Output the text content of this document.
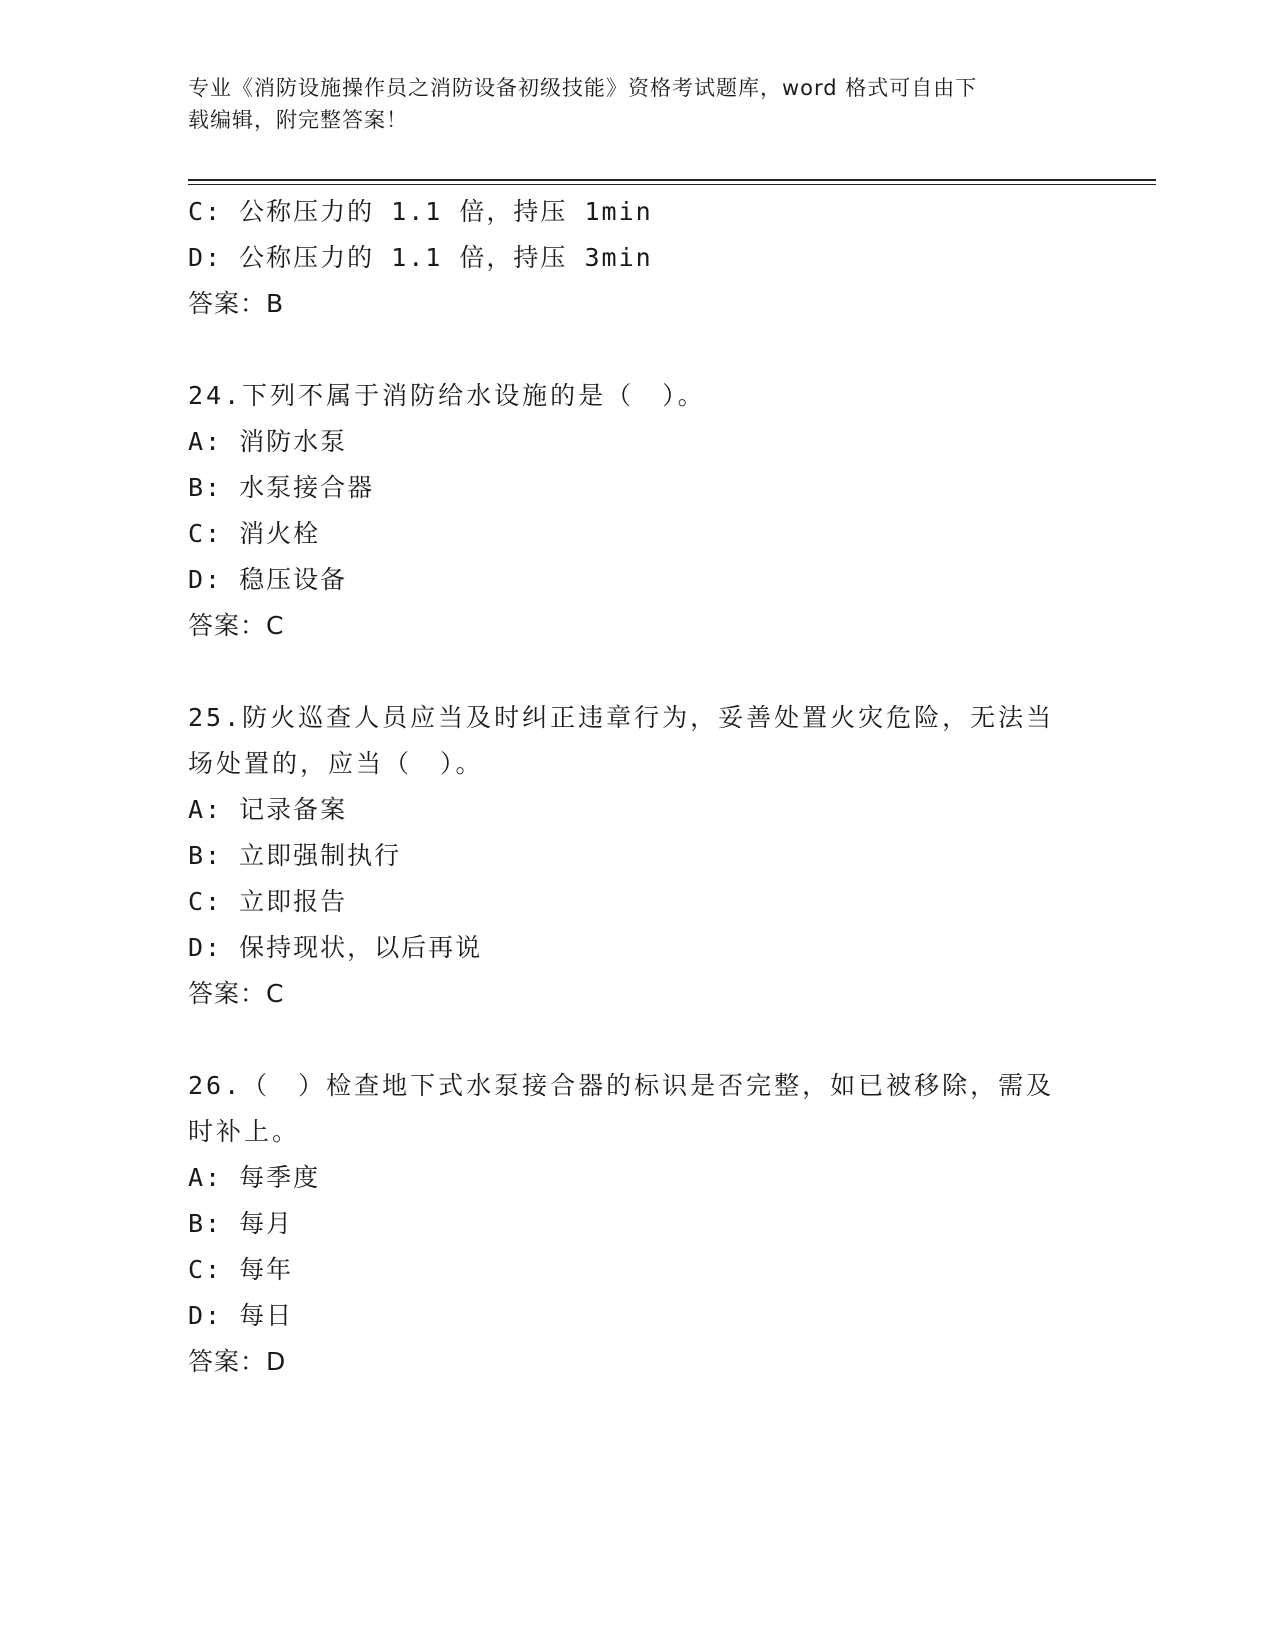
专业《消防设施操作员之消防设备初级技能》资格考试题库，word 格式可自由下
载编辑，附完整答案！
C: 公称压力的 1.1 倍，持压 1min
D: 公称压力的 1.1 倍，持压 3min
答案：B
24.下列不属于消防给水设施的是（　）。
A: 消防水泵
B: 水泵接合器
C: 消火栓
D: 稳压设备
答案：C
25.防火巡查人员应当及时纠正违章行为，妥善处置火灾危险，无法当
场处置的，应当（　）。
A: 记录备案
B: 立即强制执行
C: 立即报告
D: 保持现状，以后再说
答案：C
26.（　）检查地下式水泵接合器的标识是否完整，如已被移除，需及
时补上。
A: 每季度
B: 每月
C: 每年
D: 每日
答案：D
